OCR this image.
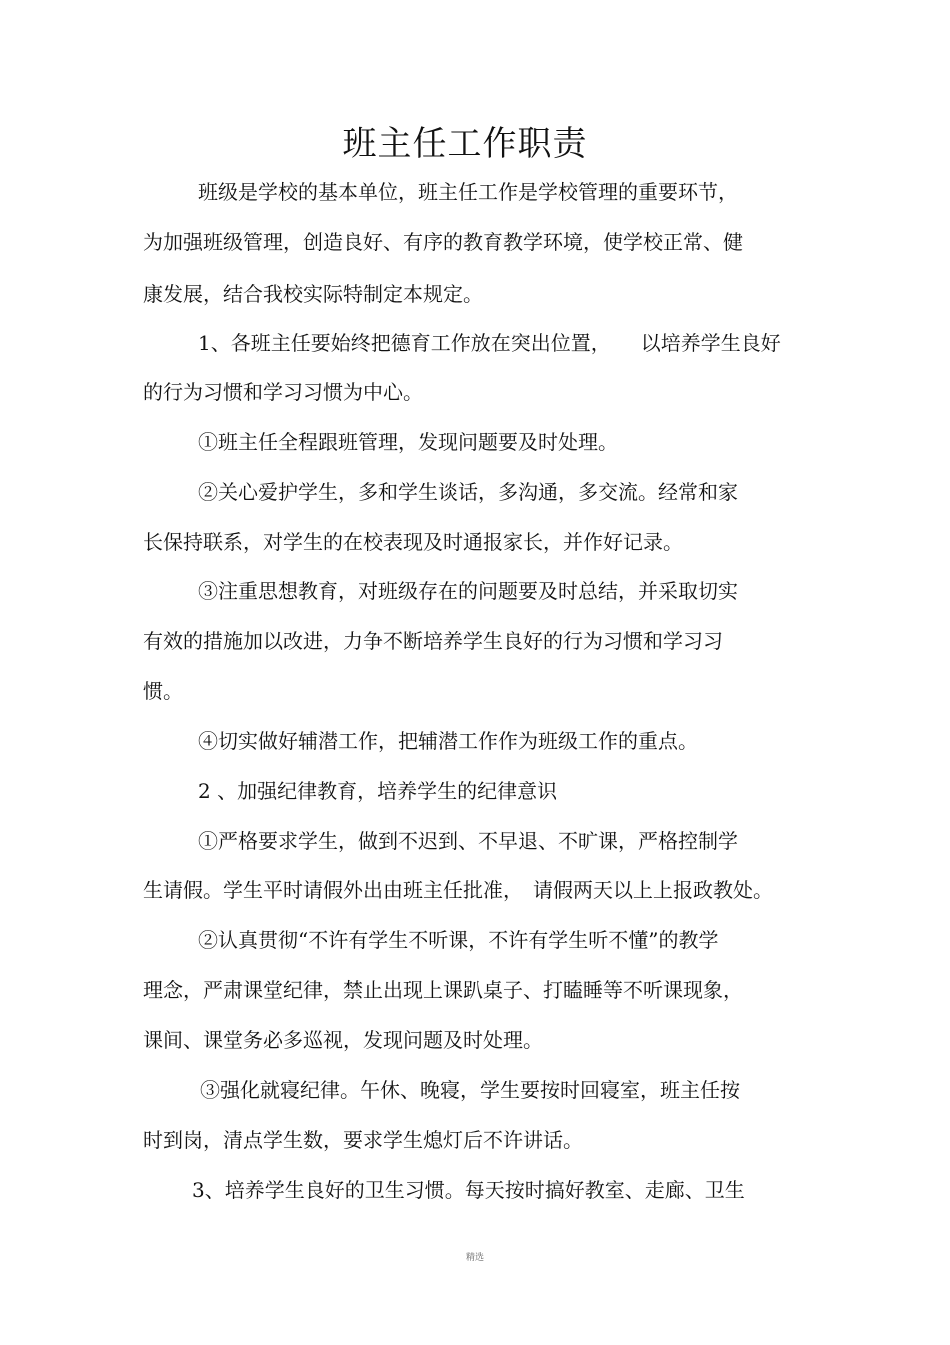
班主任工作职责
班级是学校的基本单位，班主任工作是学校管理的重要环节，
为加强班级管理，创造良好、有序的教育教学环境，使学校正常、健
康发展，结合我校实际特制定本规定。
1、各班主任要始终把德育工作放在突出位置，　　以培养学生良好
的行为习惯和学习习惯为中心。
①班主任全程跟班管理，发现问题要及时处理。
②关心爱护学生，多和学生谈话，多沟通，多交流。经常和家
长保持联系，对学生的在校表现及时通报家长，并作好记录。
③注重思想教育，对班级存在的问题要及时总结，并采取切实
有效的措施加以改进，力争不断培养学生良好的行为习惯和学习习
惯。
④切实做好辅潜工作，把辅潜工作作为班级工作的重点。
2 、加强纪律教育，培养学生的纪律意识
①严格要求学生，做到不迟到、不早退、不旷课，严格控制学
生请假。学生平时请假外出由班主任批准，　请假两天以上上报政教处。
②认真贯彻“不许有学生不听课，不许有学生听不懂”的教学
理念，严肃课堂纪律，禁止出现上课趴桌子、打瞌睡等不听课现象，
课间、课堂务必多巡视，发现问题及时处理。
③强化就寝纪律。午休、晚寝，学生要按时回寝室，班主任按
时到岗，清点学生数，要求学生熄灯后不许讲话。
3、培养学生良好的卫生习惯。每天按时搞好教室、走廊、卫生
精选
